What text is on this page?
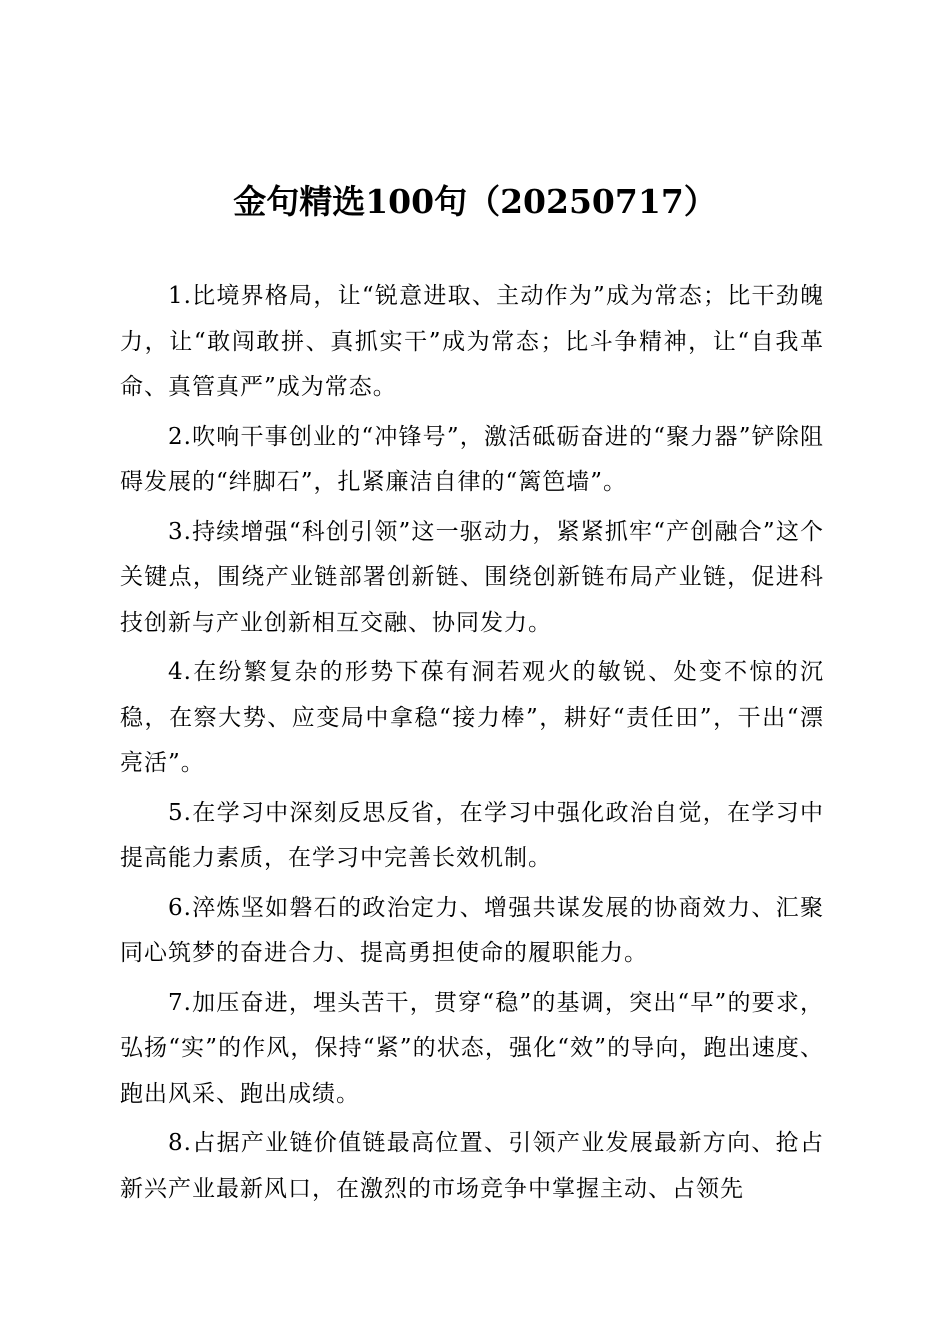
金句精选100句（20250717）

1.比境界格局，让“锐意进取、主动作为”成为常态；比干劲魄力，让“敢闯敢拼、真抓实干”成为常态；比斗争精神，让“自我革命、真管真严”成为常态。

2.吹响干事创业的“冲锋号”，激活砥砺奋进的“聚力器”铲除阻碍发展的“绊脚石”，扎紧廉洁自律的“篱笆墙”。

3.持续增强“科创引领”这一驱动力，紧紧抓牢“产创融合”这个关键点，围绕产业链部署创新链、围绕创新链布局产业链，促进科技创新与产业创新相互交融、协同发力。

4.在纷繁复杂的形势下葆有洞若观火的敏锐、处变不惊的沉稳，在察大势、应变局中拿稳“接力棒”，耕好“责任田”，干出“漂亮活”。

5.在学习中深刻反思反省，在学习中强化政治自觉，在学习中提高能力素质，在学习中完善长效机制。

6.淬炼坚如磐石的政治定力、增强共谋发展的协商效力、汇聚同心筑梦的奋进合力、提高勇担使命的履职能力。

7.加压奋进，埋头苦干，贯穿“稳”的基调，突出“早”的要求，弘扬“实”的作风，保持“紧”的状态，强化“效”的导向，跑出速度、跑出风采、跑出成绩。

8.占据产业链价值链最高位置、引领产业发展最新方向、抢占新兴产业最新风口，在激烈的市场竞争中掌握主动、占领先
